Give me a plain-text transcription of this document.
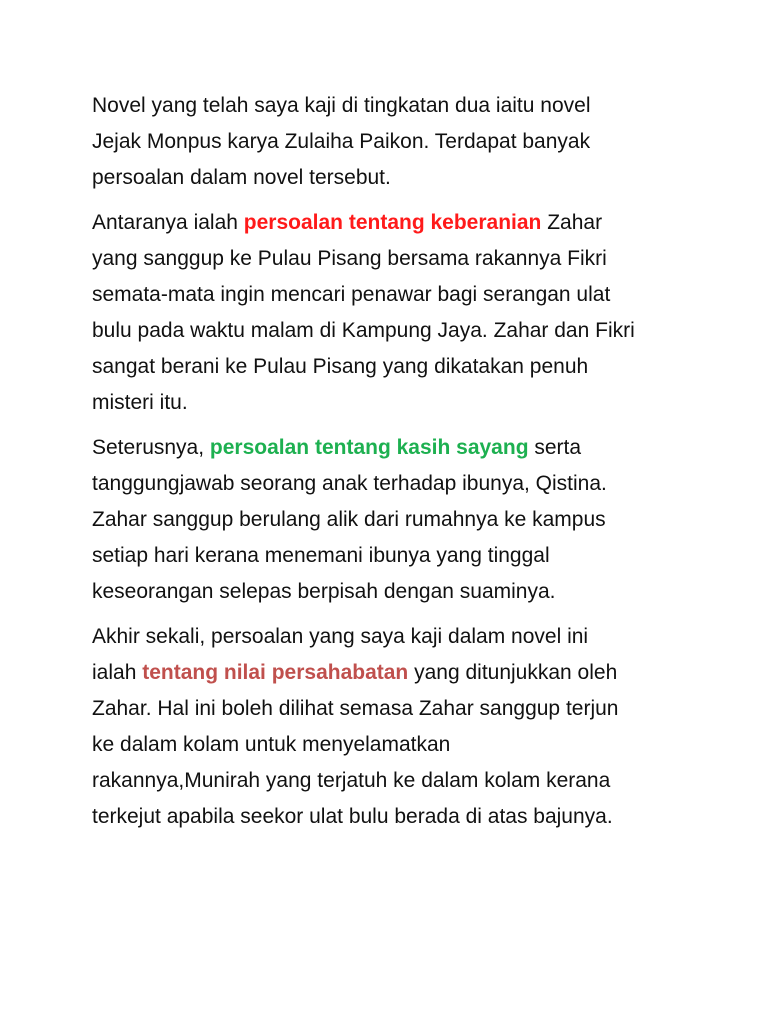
Novel yang telah saya kaji di tingkatan dua iaitu novel
Jejak Monpus karya Zulaiha Paikon. Terdapat banyak
persoalan dalam novel tersebut.
Antaranya ialah persoalan tentang keberanian Zahar
yang sanggup ke Pulau Pisang bersama rakannya Fikri
semata-mata ingin mencari penawar bagi serangan ulat
bulu pada waktu malam di Kampung Jaya. Zahar dan Fikri
sangat berani ke Pulau Pisang yang dikatakan penuh
misteri itu.
Seterusnya, persoalan tentang kasih sayang serta
tanggungjawab seorang anak terhadap ibunya, Qistina.
Zahar sanggup berulang alik dari rumahnya ke kampus
setiap hari kerana menemani ibunya yang tinggal
keseorangan selepas berpisah dengan suaminya.
Akhir sekali, persoalan yang saya kaji dalam novel ini
ialah tentang nilai persahabatan yang ditunjukkan oleh
Zahar. Hal ini boleh dilihat semasa Zahar sanggup terjun
ke dalam kolam untuk menyelamatkan
rakannya,Munirah yang terjatuh ke dalam kolam kerana
terkejut apabila seekor ulat bulu berada di atas bajunya.
